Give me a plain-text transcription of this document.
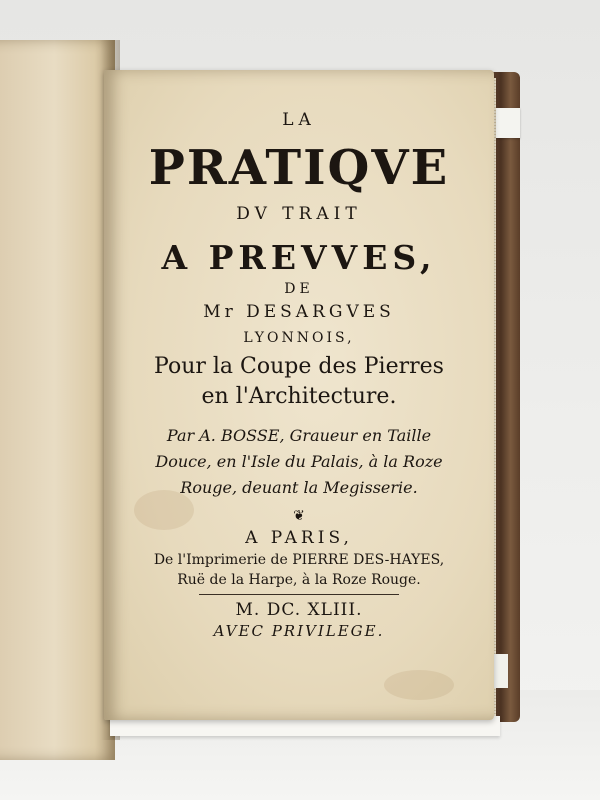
LA
PRATIQVE
DV TRAIT
A PREVVES,
DE
Mr DESARGVES
LYONNOIS,
Pour la Coupe des Pierres
en l'Architecture.
Par A. BOSSE, Graueur en Taille
Douce, en l'Isle du Palais, à la Roze
Rouge, deuant la Megisserie.
❦
A PARIS,
De l'Imprimerie de PIERRE DES-HAYES,
Ruë de la Harpe, à la Roze Rouge.
M. DC. XLIII.
AVEC PRIVILEGE.
